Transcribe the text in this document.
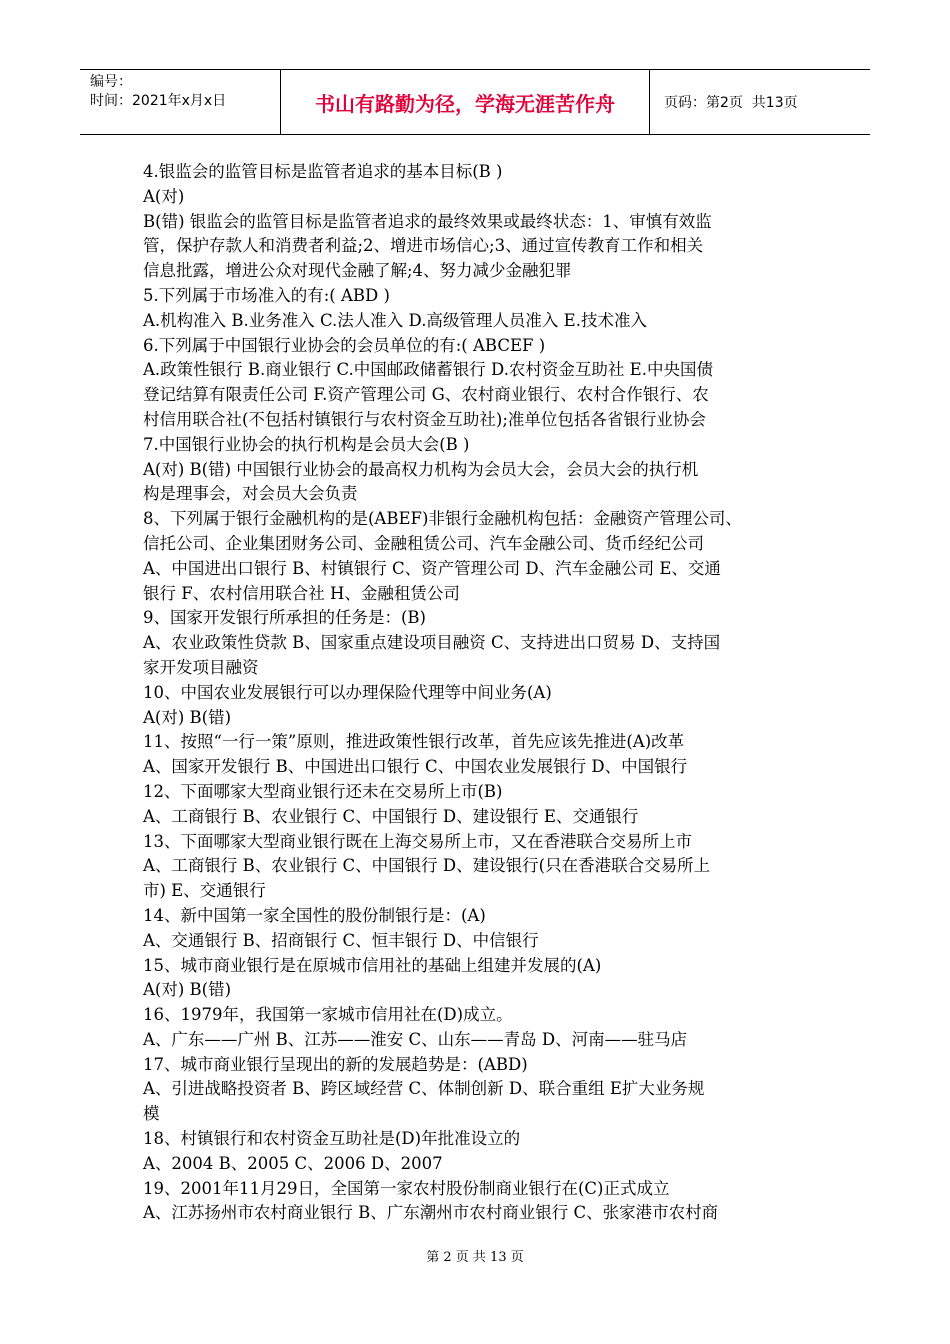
编号：
时间：2021年x月x日	书山有路勤为径，学海无涯苦作舟	页码：第2页  共13页
4.银监会的监管目标是监管者追求的基本目标(B )
A(对)
B(错) 银监会的监管目标是监管者追求的最终效果或最终状态：1、审慎有效监
管，保护存款人和消费者利益;2、增进市场信心;3、通过宣传教育工作和相关
信息批露，增进公众对现代金融了解;4、努力减少金融犯罪
5.下列属于市场准入的有:( ABD )
A.机构准入 B.业务准入 C.法人准入 D.高级管理人员准入 E.技术准入
6.下列属于中国银行业协会的会员单位的有:( ABCEF )
A.政策性银行 B.商业银行 C.中国邮政储蓄银行 D.农村资金互助社 E.中央国债
登记结算有限责任公司 F.资产管理公司 G、农村商业银行、农村合作银行、农
村信用联合社(不包括村镇银行与农村资金互助社);准单位包括各省银行业协会
7.中国银行业协会的执行机构是会员大会(B )
A(对) B(错) 中国银行业协会的最高权力机构为会员大会，会员大会的执行机
构是理事会，对会员大会负责
8、下列属于银行金融机构的是(ABEF)非银行金融机构包括：金融资产管理公司、
信托公司、企业集团财务公司、金融租赁公司、汽车金融公司、货币经纪公司
A、中国进出口银行 B、村镇银行 C、资产管理公司 D、汽车金融公司 E、交通
银行 F、农村信用联合社 H、金融租赁公司
9、国家开发银行所承担的任务是：(B)
A、农业政策性贷款 B、国家重点建设项目融资 C、支持进出口贸易 D、支持国
家开发项目融资
10、中国农业发展银行可以办理保险代理等中间业务(A)
A(对) B(错)
11、按照“一行一策”原则，推进政策性银行改革，首先应该先推进(A)改革
A、国家开发银行 B、中国进出口银行 C、中国农业发展银行 D、中国银行
12、下面哪家大型商业银行还未在交易所上市(B)
A、工商银行 B、农业银行 C、中国银行 D、建设银行 E、交通银行
13、下面哪家大型商业银行既在上海交易所上市，又在香港联合交易所上市
A、工商银行 B、农业银行 C、中国银行 D、建设银行(只在香港联合交易所上
市) E、交通银行
14、新中国第一家全国性的股份制银行是：(A)
A、交通银行 B、招商银行 C、恒丰银行 D、中信银行
15、城市商业银行是在原城市信用社的基础上组建并发展的(A)
A(对) B(错)
16、1979年，我国第一家城市信用社在(D)成立。
A、广东——广州 B、江苏——淮安 C、山东——青岛 D、河南——驻马店
17、城市商业银行呈现出的新的发展趋势是：(ABD)
A、引进战略投资者 B、跨区域经营 C、体制创新 D、联合重组 E扩大业务规
模
18、村镇银行和农村资金互助社是(D)年批准设立的
A、2004 B、2005 C、2006 D、2007
19、2001年11月29日，全国第一家农村股份制商业银行在(C)正式成立
A、江苏扬州市农村商业银行 B、广东潮州市农村商业银行 C、张家港市农村商
第 2 页 共 13 页
